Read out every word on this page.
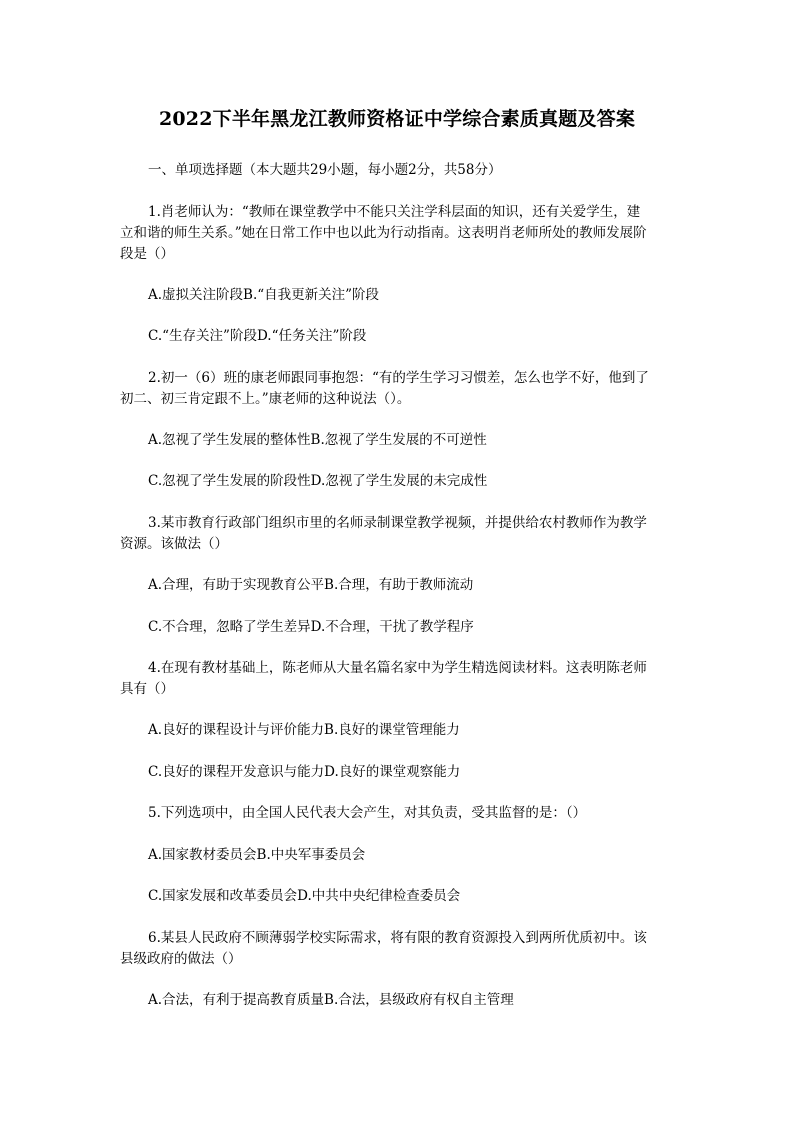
2022下半年黑龙江教师资格证中学综合素质真题及答案
一、单项选择题（本大题共29小题，每小题2分，共58分）
1.肖老师认为：“教师在课堂教学中不能只关注学科层面的知识，还有关爱学生，建
立和谐的师生关系。”她在日常工作中也以此为行动指南。这表明肖老师所处的教师发展阶
段是（）
A.虚拟关注阶段B.“自我更新关注”阶段
C.“生存关注”阶段D.“任务关注”阶段
2.初一（6）班的康老师跟同事抱怨：“有的学生学习习惯差，怎么也学不好，他到了
初二、初三肯定跟不上。”康老师的这种说法（）。
A.忽视了学生发展的整体性B.忽视了学生发展的不可逆性
C.忽视了学生发展的阶段性D.忽视了学生发展的未完成性
3.某市教育行政部门组织市里的名师录制课堂教学视频，并提供给农村教师作为教学
资源。该做法（）
A.合理，有助于实现教育公平B.合理，有助于教师流动
C.不合理，忽略了学生差异D.不合理，干扰了教学程序
4.在现有教材基础上，陈老师从大量名篇名家中为学生精选阅读材料。这表明陈老师
具有（）
A.良好的课程设计与评价能力B.良好的课堂管理能力
C.良好的课程开发意识与能力D.良好的课堂观察能力
5.下列选项中，由全国人民代表大会产生，对其负责，受其监督的是：（）
A.国家教材委员会B.中央军事委员会
C.国家发展和改革委员会D.中共中央纪律检查委员会
6.某县人民政府不顾薄弱学校实际需求，将有限的教育资源投入到两所优质初中。该
县级政府的做法（）
A.合法，有利于提高教育质量B.合法，县级政府有权自主管理
